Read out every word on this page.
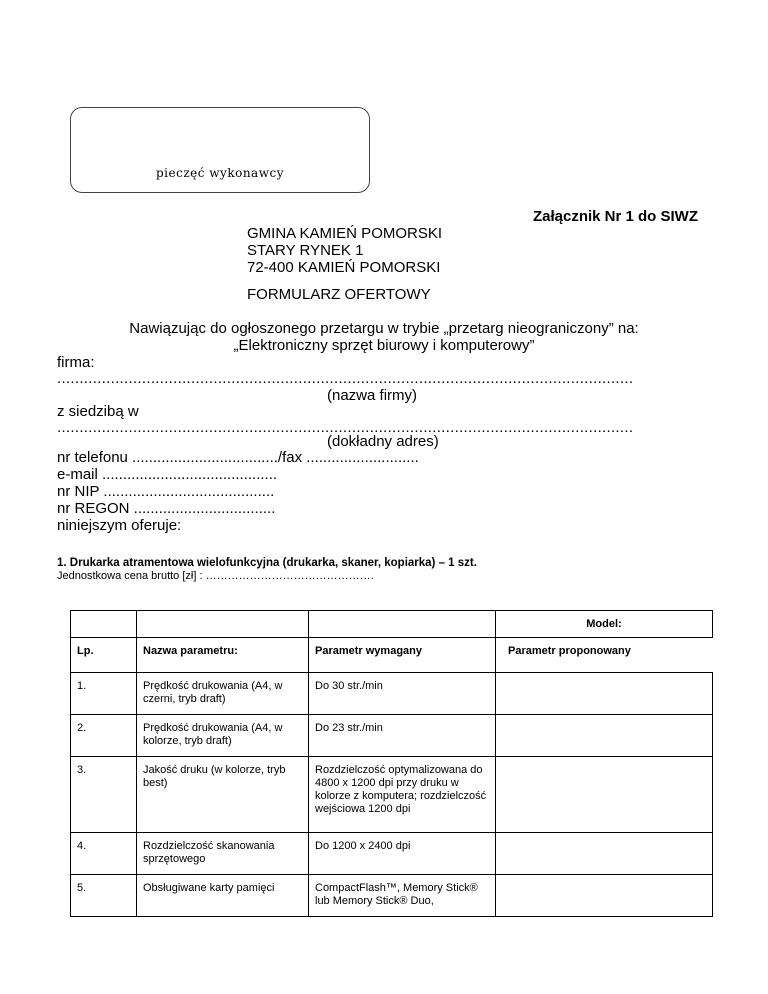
pieczęć wykonawcy
Załącznik Nr 1 do SIWZ
GMINA KAMIEŃ POMORSKI
STARY RYNEK 1
72-400 KAMIEŃ POMORSKI
FORMULARZ OFERTOWY
Nawiązując do ogłoszonego przetargu w trybie „przetarg nieograniczony” na:
„Elektroniczny sprzęt biurowy i komputerowy”
firma:
.................................................................................................................................
(nazwa firmy)
z siedzibą w
.................................................................................................................................
(dokładny adres)
nr telefonu .................................../fax ...........................
e-mail ..........................................
nr NIP .........................................
nr REGON ..................................
niniejszym oferuje:
1. Drukarka atramentowa wielofunkcyjna (drukarka, skaner, kopiarka) – 1 szt.
Jednostkowa cena brutto [zł] : ……………………………………….
			Model:
Lp.	Nazwa parametru:	Parametr wymagany	Parametr proponowany
1.	Prędkość drukowania (A4, w czerni, tryb draft)	Do 30 str./min	
2.	Prędkość drukowania (A4, w kolorze, tryb draft)	Do 23 str./min	
3.	Jakość druku (w kolorze, tryb best)	Rozdzielczość optymalizowana do 4800 x 1200 dpi przy druku w kolorze z komputera; rozdzielczość wejściowa 1200 dpi	
4.	Rozdzielczość skanowania sprzętowego	Do 1200 x 2400 dpi	
5.	Obsługiwane karty pamięci	CompactFlash™, Memory Stick® lub Memory Stick® Duo,	
